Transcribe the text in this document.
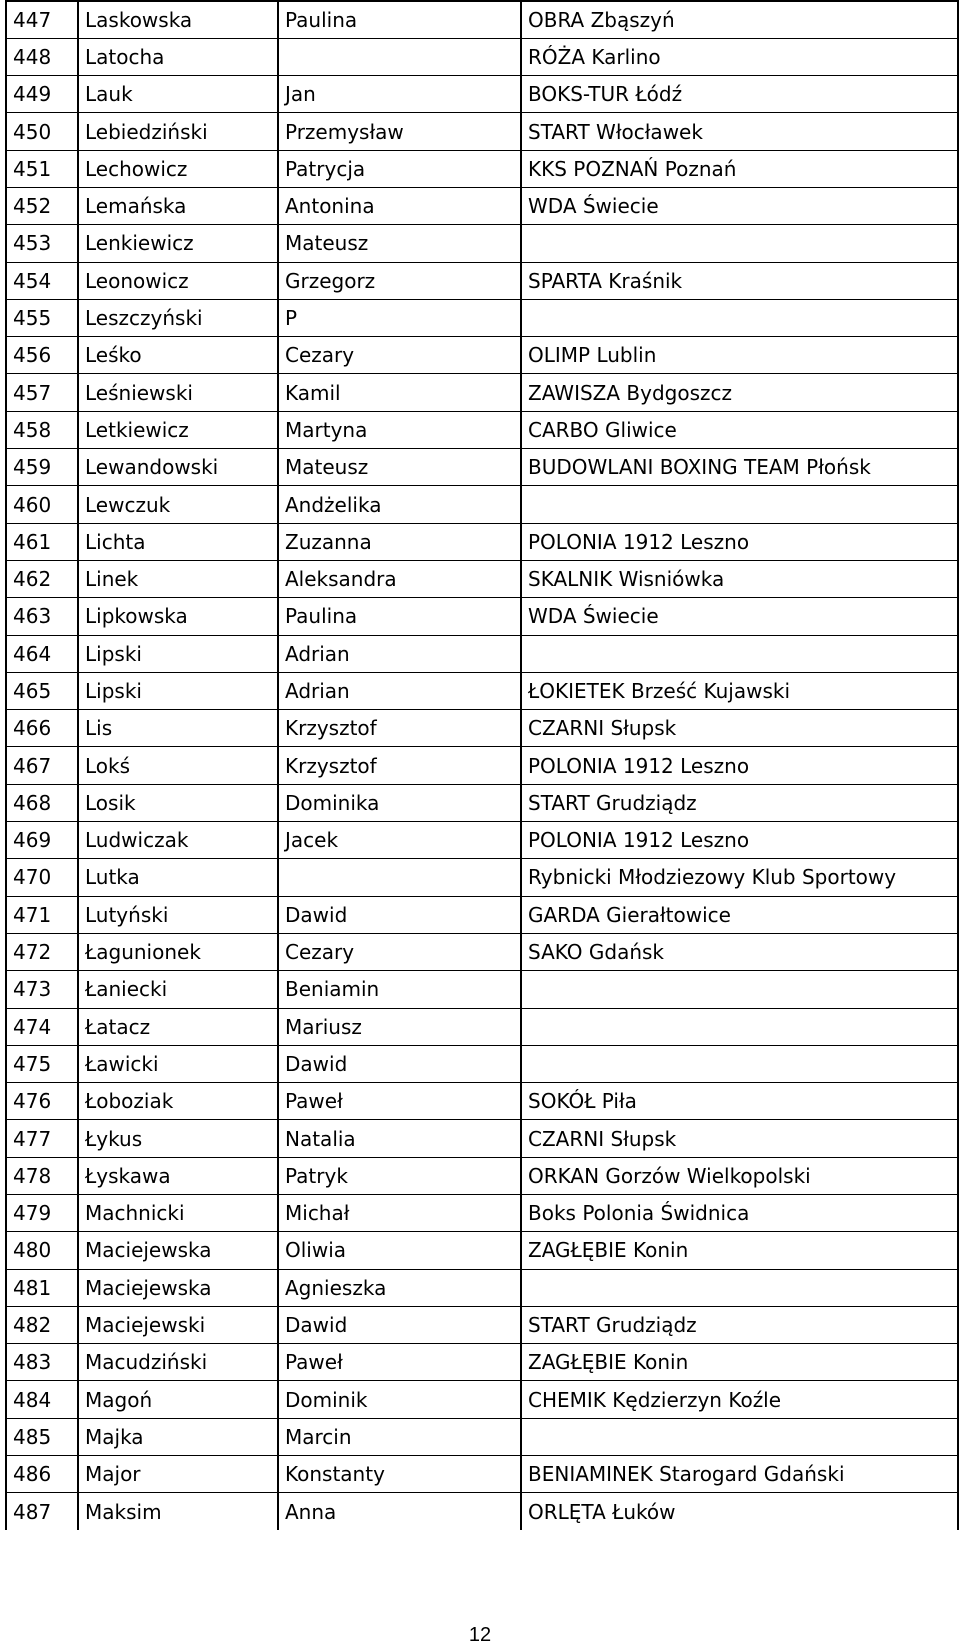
447	Laskowska	Paulina	OBRA Zbąszyń
448	Latocha		RÓŻA Karlino
449	Lauk	Jan	BOKS-TUR Łódź
450	Lebiedziński	Przemysław	START Włocławek
451	Lechowicz	Patrycja	KKS POZNAŃ Poznań
452	Lemańska	Antonina	WDA Świecie
453	Lenkiewicz	Mateusz	
454	Leonowicz	Grzegorz	SPARTA Kraśnik
455	Leszczyński	P	
456	Leśko	Cezary	OLIMP Lublin
457	Leśniewski	Kamil	ZAWISZA Bydgoszcz
458	Letkiewicz	Martyna	CARBO Gliwice
459	Lewandowski	Mateusz	BUDOWLANI BOXING TEAM Płońsk
460	Lewczuk	Andżelika	
461	Lichta	Zuzanna	POLONIA 1912 Leszno
462	Linek	Aleksandra	SKALNIK Wisniówka
463	Lipkowska	Paulina	WDA Świecie
464	Lipski	Adrian	
465	Lipski	Adrian	ŁOKIETEK Brześć Kujawski
466	Lis	Krzysztof	CZARNI Słupsk
467	Lokś	Krzysztof	POLONIA 1912 Leszno
468	Losik	Dominika	START Grudziądz
469	Ludwiczak	Jacek	POLONIA 1912 Leszno
470	Lutka		Rybnicki Młodziezowy Klub Sportowy
471	Lutyński	Dawid	GARDA Gierałtowice
472	Łagunionek	Cezary	SAKO Gdańsk
473	Łaniecki	Beniamin	
474	Łatacz	Mariusz	
475	Ławicki	Dawid	
476	Łoboziak	Paweł	SOKÓŁ Piła
477	Łykus	Natalia	CZARNI Słupsk
478	Łyskawa	Patryk	ORKAN Gorzów Wielkopolski
479	Machnicki	Michał	Boks Polonia Świdnica
480	Maciejewska	Oliwia	ZAGŁĘBIE Konin
481	Maciejewska	Agnieszka	
482	Maciejewski	Dawid	START Grudziądz
483	Macudziński	Paweł	ZAGŁĘBIE Konin
484	Magoń	Dominik	CHEMIK Kędzierzyn Koźle
485	Majka	Marcin	
486	Major	Konstanty	BENIAMINEK Starogard Gdański
487	Maksim	Anna	ORLĘTA Łuków
12
